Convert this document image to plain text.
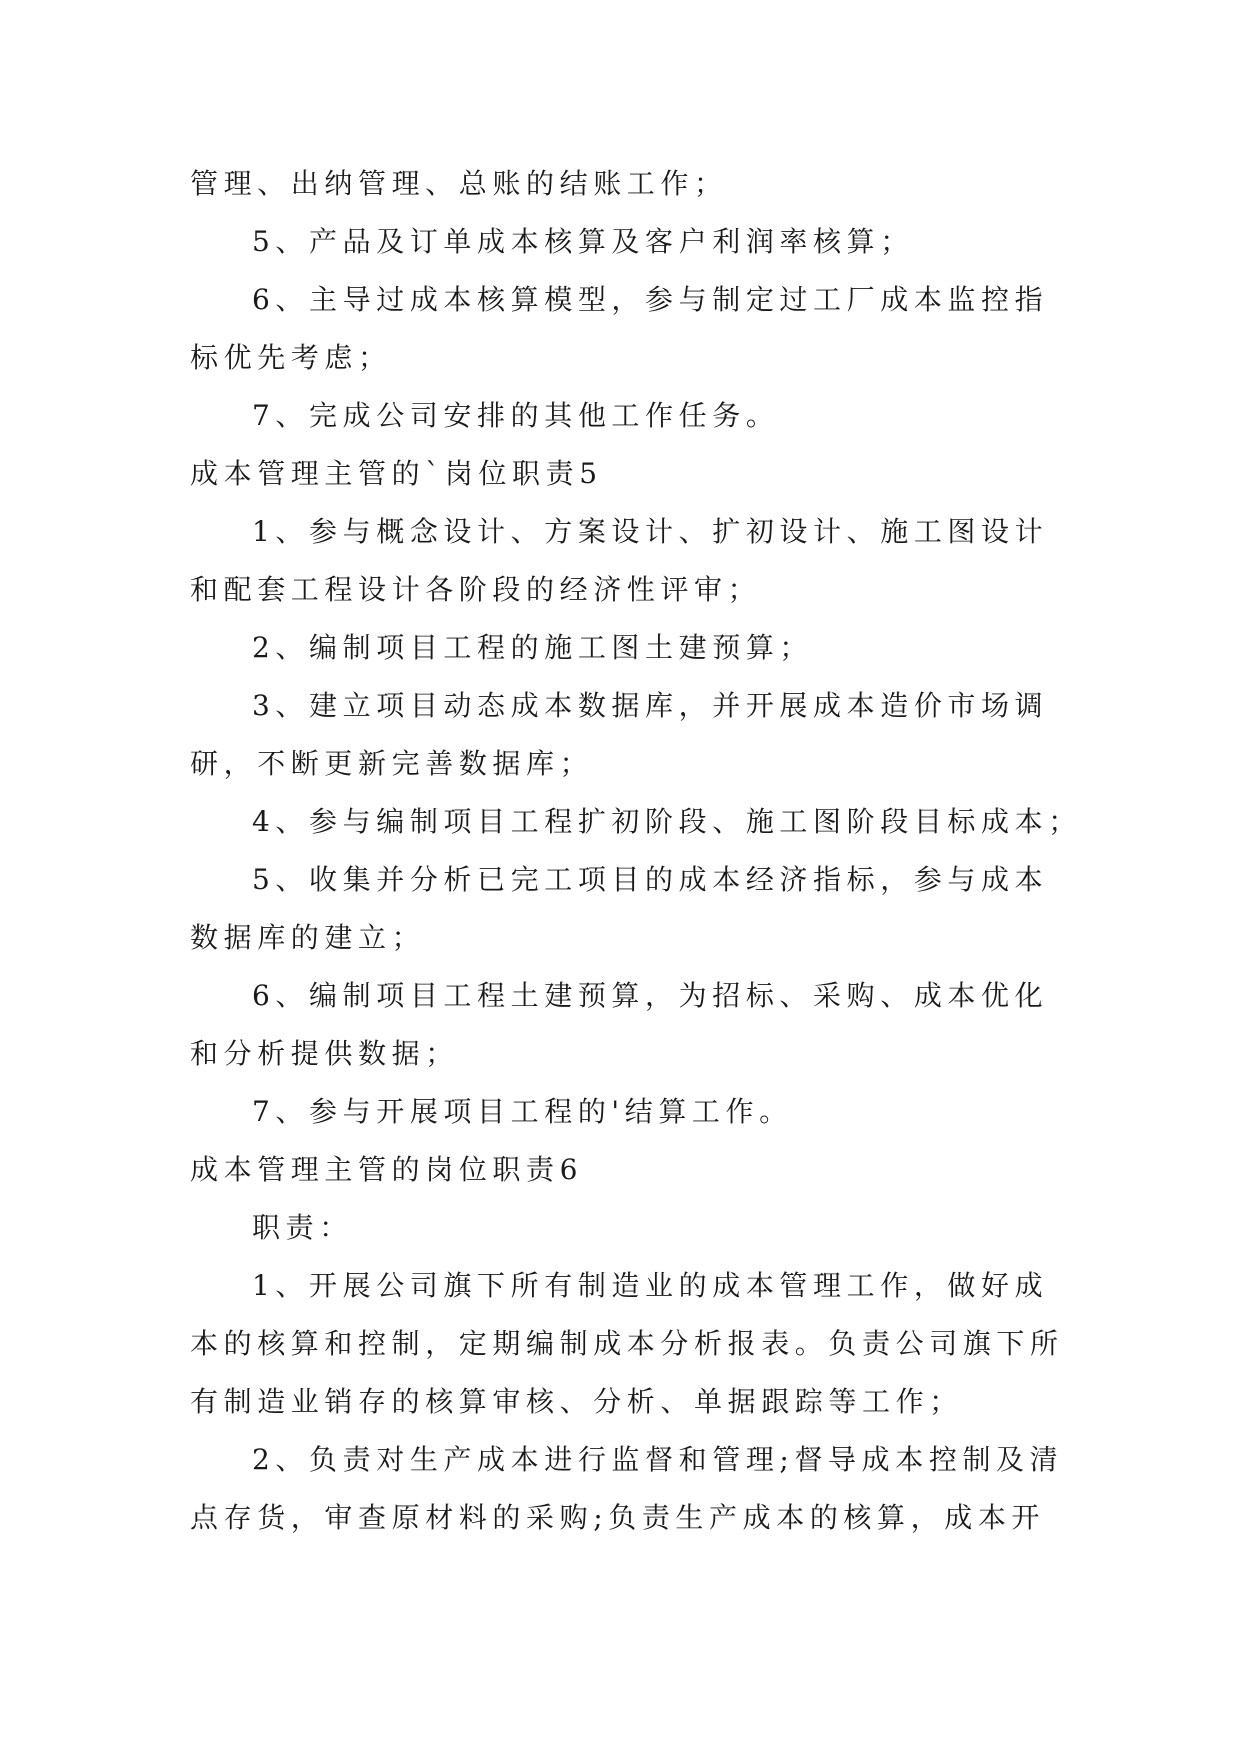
管理、出纳管理、总账的结账工作；

5、产品及订单成本核算及客户利润率核算；

6、主导过成本核算模型，参与制定过工厂成本监控指

标优先考虑；

7、完成公司安排的其他工作任务。

成本管理主管的`岗位职责5

1、参与概念设计、方案设计、扩初设计、施工图设计

和配套工程设计各阶段的经济性评审；

2、编制项目工程的施工图土建预算；

3、建立项目动态成本数据库，并开展成本造价市场调

研，不断更新完善数据库；

4、参与编制项目工程扩初阶段、施工图阶段目标成本；

5、收集并分析已完工项目的成本经济指标，参与成本

数据库的建立；

6、编制项目工程土建预算，为招标、采购、成本优化

和分析提供数据；

7、参与开展项目工程的'结算工作。

成本管理主管的岗位职责6

职责：

1、开展公司旗下所有制造业的成本管理工作，做好成

本的核算和控制，定期编制成本分析报表。负责公司旗下所

有制造业销存的核算审核、分析、单据跟踪等工作；

2、负责对生产成本进行监督和管理;督导成本控制及清

点存货，审查原材料的采购;负责生产成本的核算，成本开
